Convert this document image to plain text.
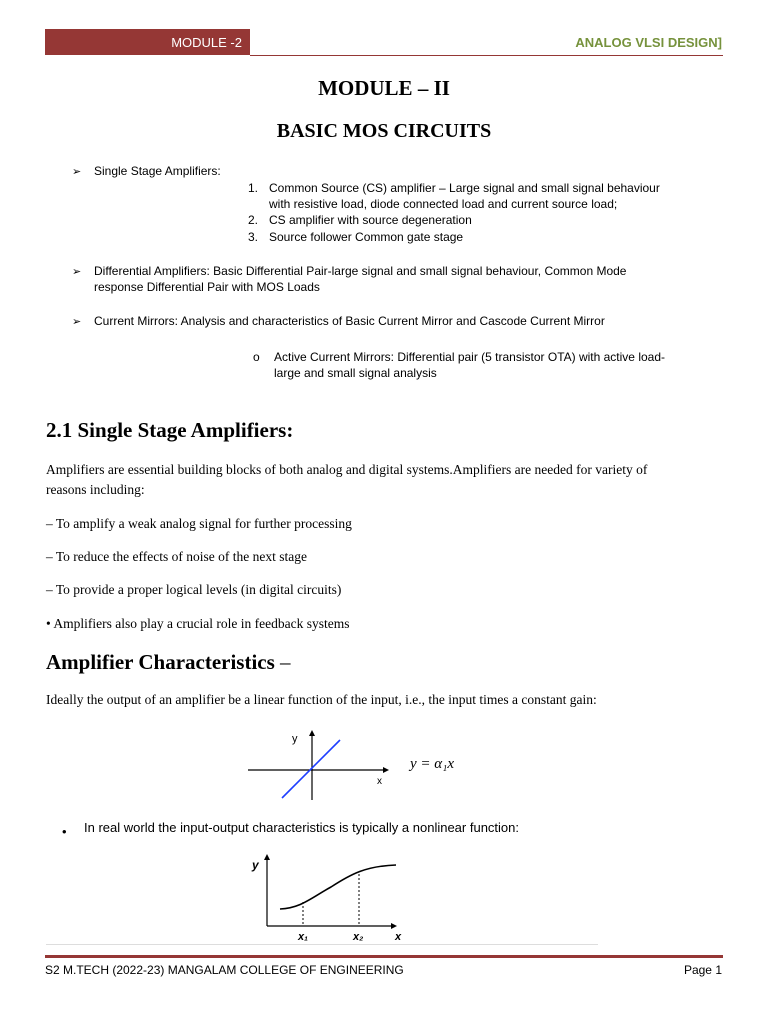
MODULE -2	ANALOG VLSI DESIGN]
MODULE – II
BASIC MOS CIRCUITS
➢ Single Stage Amplifiers:
1. Common Source (CS) amplifier – Large signal and small signal behaviour
with resistive load, diode connected load and current source load;
2. CS amplifier with source degeneration
3. Source follower Common gate stage
➢ Differential Amplifiers: Basic Differential Pair-large signal and small signal behaviour, Common Mode
response Differential Pair with MOS Loads
➢ Current Mirrors: Analysis and characteristics of Basic Current Mirror and Cascode Current Mirror
o Active Current Mirrors: Differential pair (5 transistor OTA) with active load-
large and small signal analysis
2.1 Single Stage Amplifiers:
Amplifiers are essential building blocks of both analog and digital systems.Amplifiers are needed for variety of
reasons including:
– To amplify a weak analog signal for further processing
– To reduce the effects of noise of the next stage
– To provide a proper logical levels (in digital circuits)
• Amplifiers also play a crucial role in feedback systems
Amplifier Characteristics –
Ideally the output of an amplifier be a linear function of the input, i.e., the input times a constant gain:
y
x
y = α₁x
y
x₁	x₂	x
• In real world the input-output characteristics is typically a nonlinear function:
S2 M.TECH (2022-23) MANGALAM COLLEGE OF ENGINEERING	Page 1
